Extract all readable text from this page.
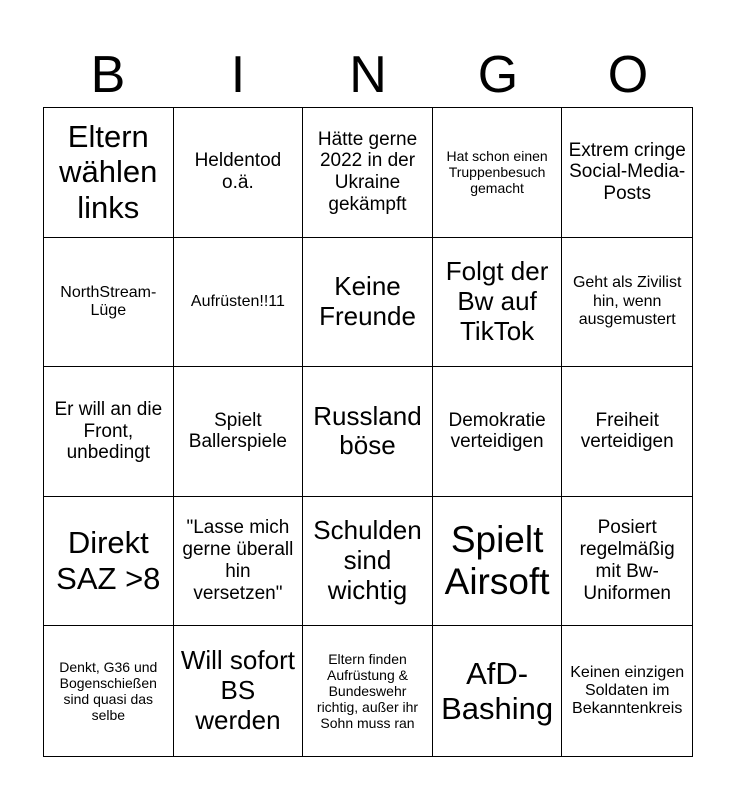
B	I	N	G	O
Eltern wählen links
Heldentod o.ä.
Hätte gerne 2022 in der Ukraine gekämpft
Hat schon einen Truppenbesuch gemacht
Extrem cringe Social-Media-Posts
NorthStream-Lüge
Aufrüsten!!11
Keine Freunde
Folgt der Bw auf TikTok
Geht als Zivilist hin, wenn ausgemustert
Er will an die Front, unbedingt
Spielt Ballerspiele
Russland böse
Demokratie verteidigen
Freiheit verteidigen
Direkt SAZ >8
"Lasse mich gerne überall hin versetzen"
Schulden sind wichtig
Spielt Airsoft
Posiert regelmäßig mit Bw-Uniformen
Denkt, G36 und Bogenschießen sind quasi das selbe
Will sofort BS werden
Eltern finden Aufrüstung & Bundeswehr richtig, außer ihr Sohn muss ran
AfD-Bashing
Keinen einzigen Soldaten im Bekanntenkreis
